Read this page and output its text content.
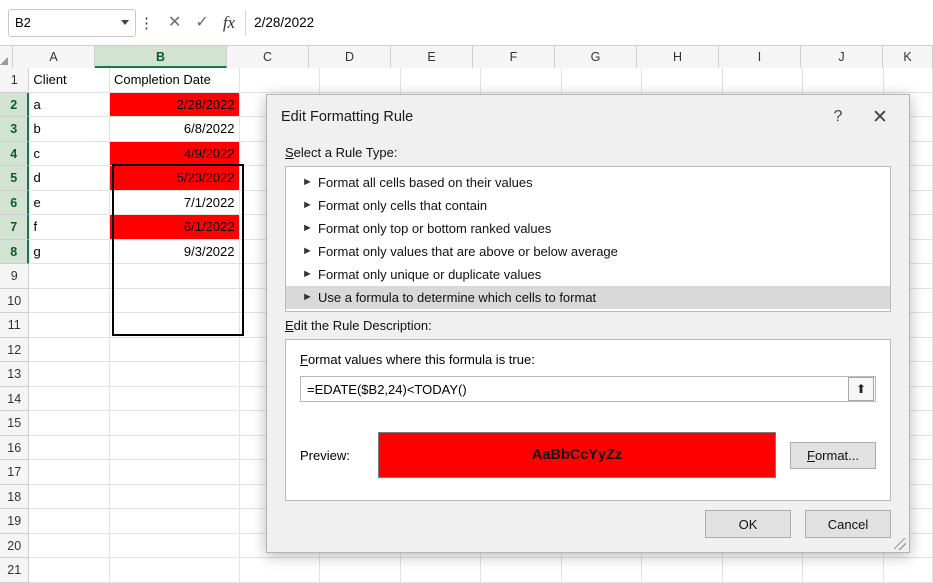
B2	⋮ ✕ ✓ fx	2/28/2022
A	B	C	D	E	F	G	H	I	J	K
1	Client	Completion Date
2	a	2/28/2022
3	b	6/8/2022
4	c	4/9/2022
5	d	5/23/2022
6	e	7/1/2022
7	f	6/1/2022
8	g	9/3/2022
9
10
11
12
13
14
15
16
17
18
19
20
21
Edit Formatting Rule	?	✕
Select a Rule Type:
► Format all cells based on their values
► Format only cells that contain
► Format only top or bottom ranked values
► Format only values that are above or below average
► Format only unique or duplicate values
► Use a formula to determine which cells to format
Edit the Rule Description:
Format values where this formula is true:
=EDATE($B2,24)<TODAY()	⬆
Preview:	AaBbCcYyZz	F ormat...
OK	Cancel
